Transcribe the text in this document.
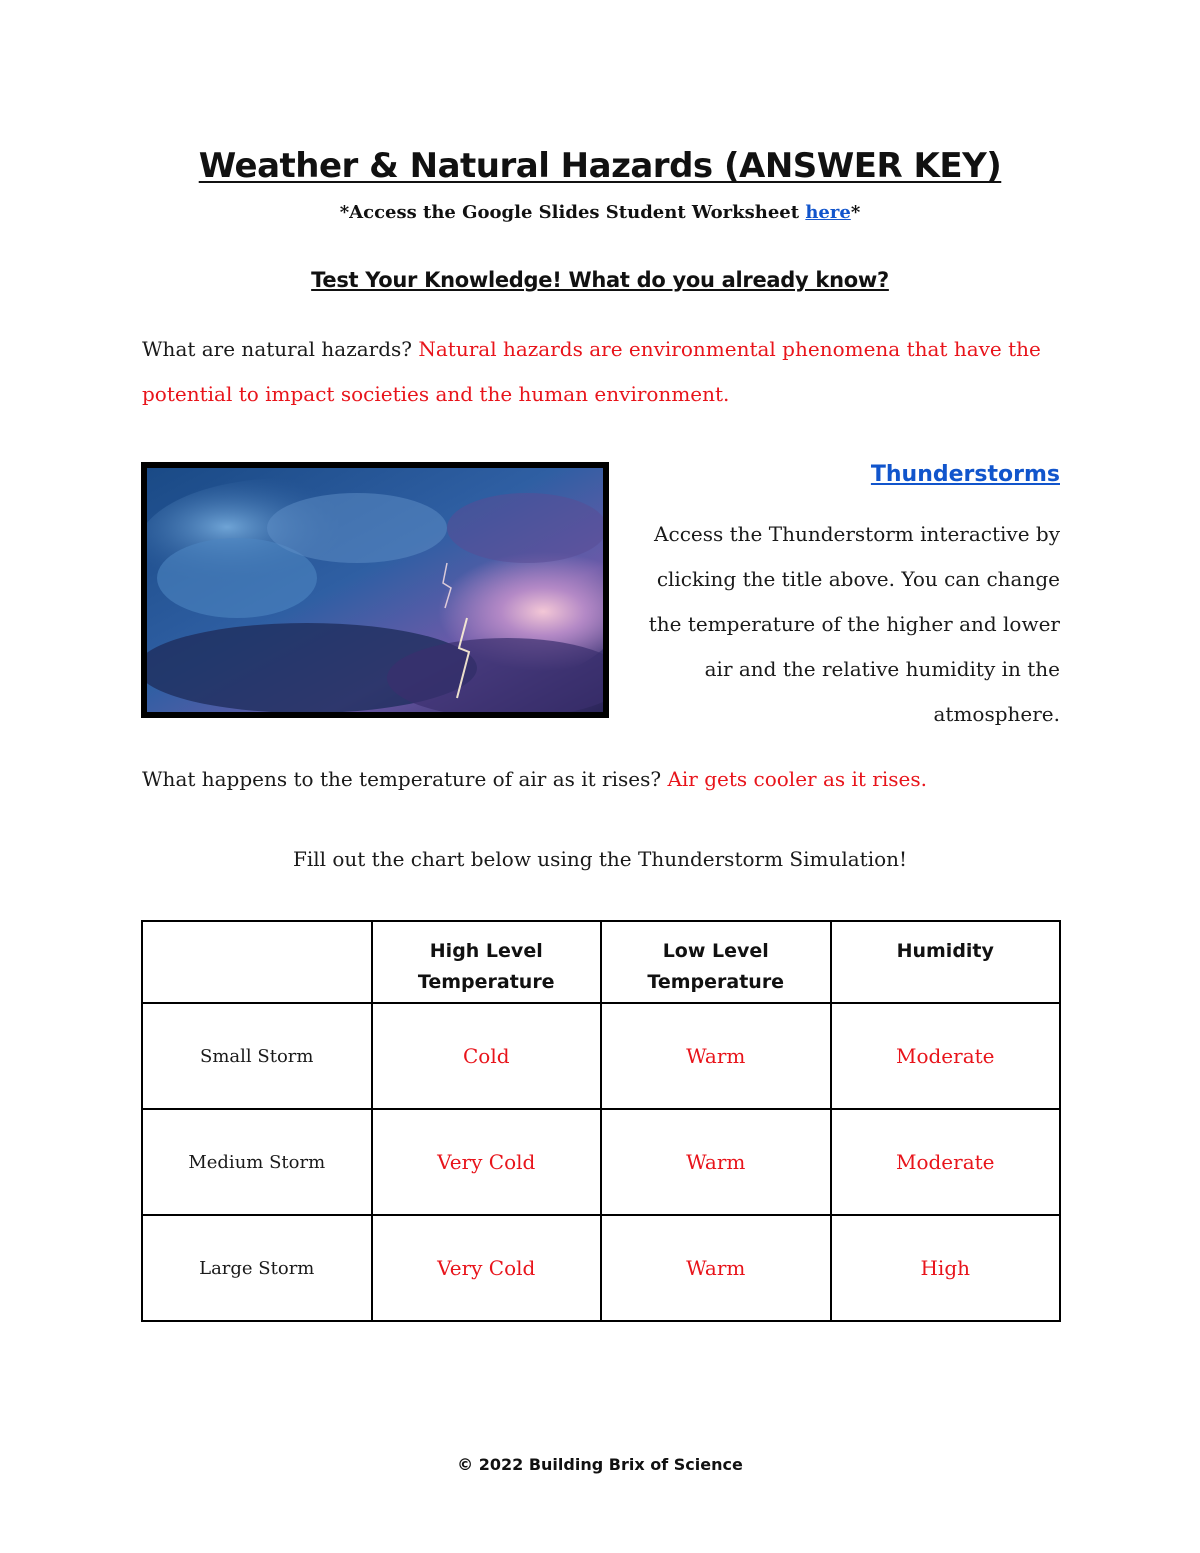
Weather & Natural Hazards (ANSWER KEY)
*Access the Google Slides Student Worksheet here*
Test Your Knowledge! What do you already know?
What are natural hazards? Natural hazards are environmental phenomena that have the potential to impact societies and the human environment.
Thunderstorms
Access the Thunderstorm interactive by clicking the title above. You can change the temperature of the higher and lower air and the relative humidity in the atmosphere.
What happens to the temperature of air as it rises? Air gets cooler as it rises.
Fill out the chart below using the Thunderstorm Simulation!
	High Level Temperature	Low Level Temperature	Humidity
Small Storm	Cold	Warm	Moderate
Medium Storm	Very Cold	Warm	Moderate
Large Storm	Very Cold	Warm	High
© 2022 Building Brix of Science
